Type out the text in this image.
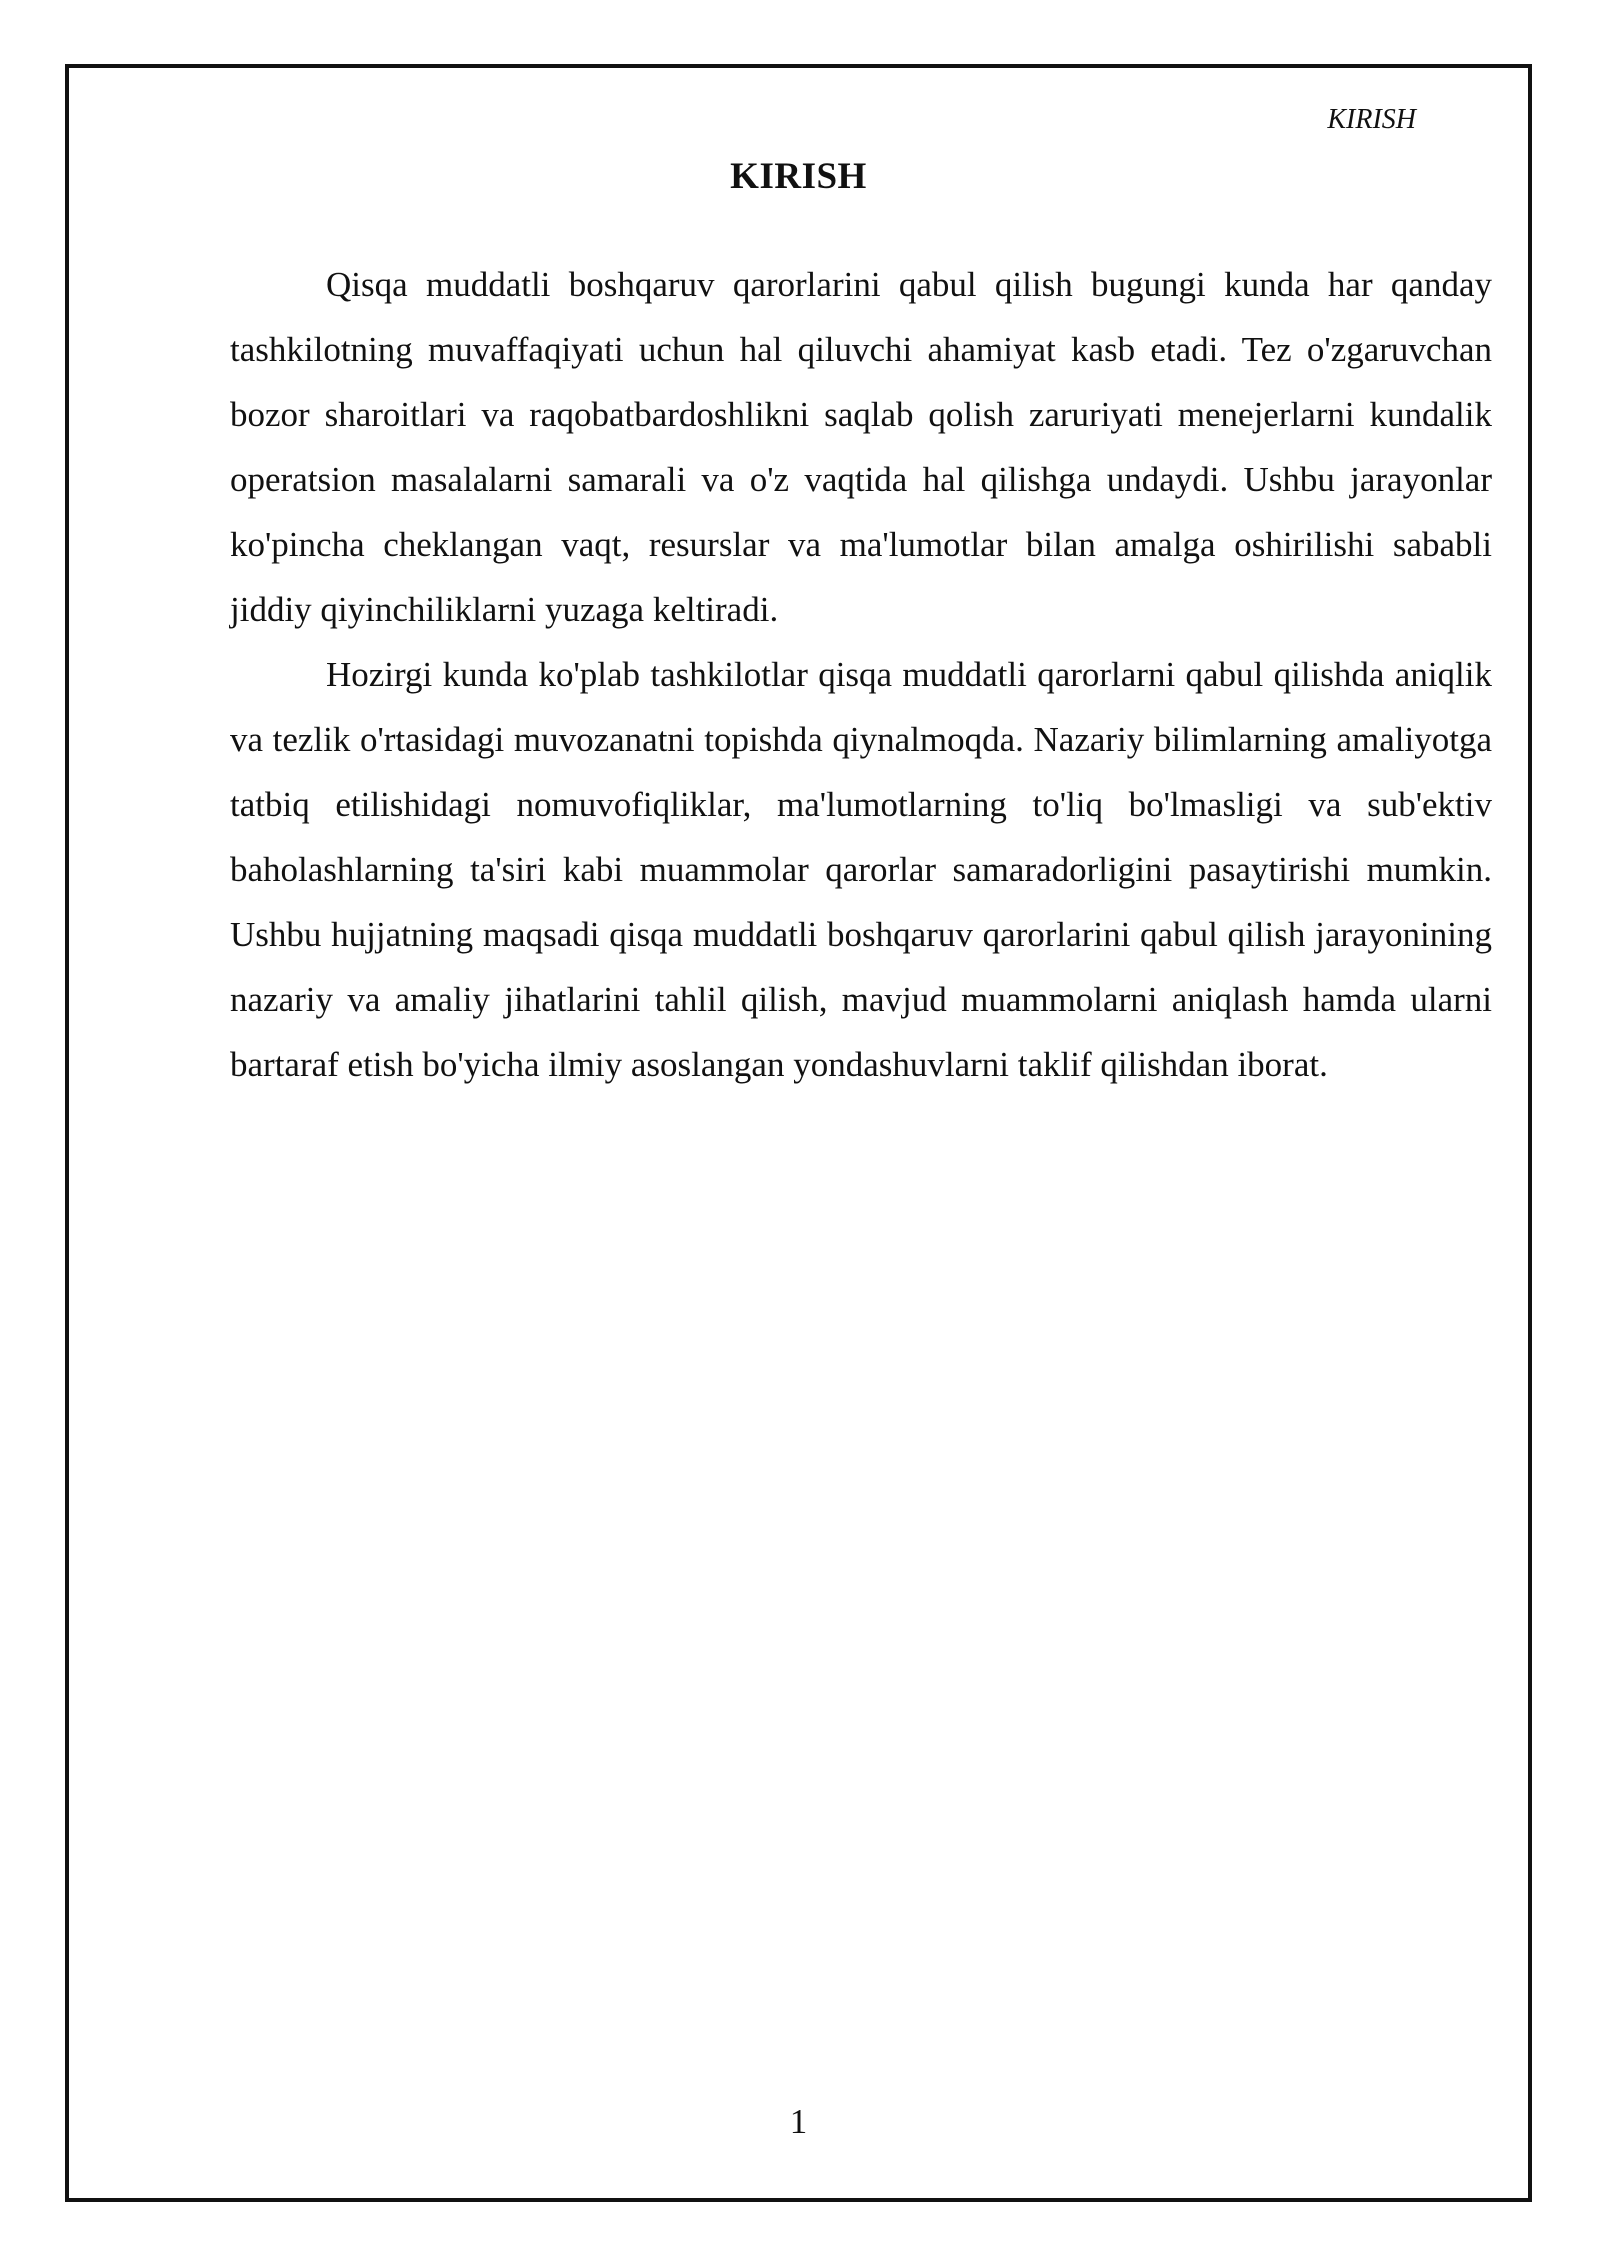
KIRISH
KIRISH

Qisqa muddatli boshqaruv qarorlarini qabul qilish bugungi kunda har qanday tashkilotning muvaffaqiyati uchun hal qiluvchi ahamiyat kasb etadi. Tez o'zgaruvchan bozor sharoitlari va raqobatbardoshlikni saqlab qolish zaruriyati menejerlarni kundalik operatsion masalalarni samarali va o'z vaqtida hal qilishga undaydi. Ushbu jarayonlar ko'pincha cheklangan vaqt, resurslar va ma'lumotlar bilan amalga oshirilishi sababli jiddiy qiyinchiliklarni yuzaga keltiradi.

Hozirgi kunda ko'plab tashkilotlar qisqa muddatli qarorlarni qabul qilishda aniqlik va tezlik o'rtasidagi muvozanatni topishda qiynalmoqda. Nazariy bilimlarning amaliyotga tatbiq etilishidagi nomuvofiqliklar, ma'lumotlarning to'liq bo'lmasligi va sub'ektiv baholashlarning ta'siri kabi muammolar qarorlar samaradorligini pasaytirishi mumkin. Ushbu hujjatning maqsadi qisqa muddatli boshqaruv qarorlarini qabul qilish jarayonining nazariy va amaliy jihatlarini tahlil qilish, mavjud muammolarni aniqlash hamda ularni bartaraf etish bo'yicha ilmiy asoslangan yondashuvlarni taklif qilishdan iborat.

1
